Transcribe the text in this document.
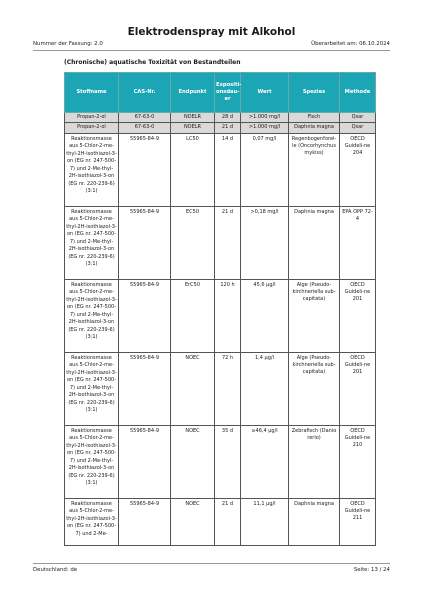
Elektrodenspray mit Alkohol
Nummer der Fassung: 2.0	Überarbeitet am: 06.10.2024
(Chronische) aquatische Toxizität von Bestandteilen
Stoffname	CAS-Nr.	Endpunkt	Expositi-onsdau-er	Wert	Spezies	Methode
Propan-2-ol	67-63-0	NOELR	28 d	>1.000 mg/l	Fisch	Qsar
Propan-2-ol	67-63-0	NOELR	21 d	>1.000 mg/l	Daphnia magna	Qsar
Reaktionsmasse aus 5-Chlor-2-me-thyl-2H-isothiazol-3-on (EG nr. 247-500-7) und 2-Me-thyl-2H-isothiazol-3-on (EG nr. 220-239-6) (3:1)	55965-84-9	LC50	14 d	0,07 mg/l	Regenbogenforel-le (Oncorhynchus mykiss)	OECD Guideli-ne 204
Reaktionsmasse aus 5-Chlor-2-me-thyl-2H-isothiazol-3-on (EG nr. 247-500-7) und 2-Me-thyl-2H-isothiazol-3-on (EG nr. 220-239-6) (3:1)	55965-84-9	EC50	21 d	>0,18 mg/l	Daphnia magna	EPA OPP 72-4
Reaktionsmasse aus 5-Chlor-2-me-thyl-2H-isothiazol-3-on (EG nr. 247-500-7) und 2-Me-thyl-2H-isothiazol-3-on (EG nr. 220-239-6) (3:1)	55965-84-9	ErC50	120 h	45,6 µg/l	Alge (Pseudo-kirchneriella sub-capitata)	OECD Guideli-ne 201
Reaktionsmasse aus 5-Chlor-2-me-thyl-2H-isothiazol-3-on (EG nr. 247-500-7) und 2-Me-thyl-2H-isothiazol-3-on (EG nr. 220-239-6) (3:1)	55965-84-9	NOEC	72 h	1,4 µg/l	Alge (Pseudo-kirchneriella sub-capitata)	OECD Guideli-ne 201
Reaktionsmasse aus 5-Chlor-2-me-thyl-2H-isothiazol-3-on (EG nr. 247-500-7) und 2-Me-thyl-2H-isothiazol-3-on (EG nr. 220-239-6) (3:1)	55965-84-9	NOEC	35 d	≥46,4 µg/l	Zebrafisch (Danio rerio)	OECD Guideli-ne 210
Reaktionsmasse aus 5-Chlor-2-me-thyl-2H-isothiazol-3-on (EG nr. 247-500-7) und 2-Me-	55965-84-9	NOEC	21 d	11,1 µg/l	Daphnia magna	OECD Guideli-ne 211
Deutschland: de	Seite: 13 / 24
